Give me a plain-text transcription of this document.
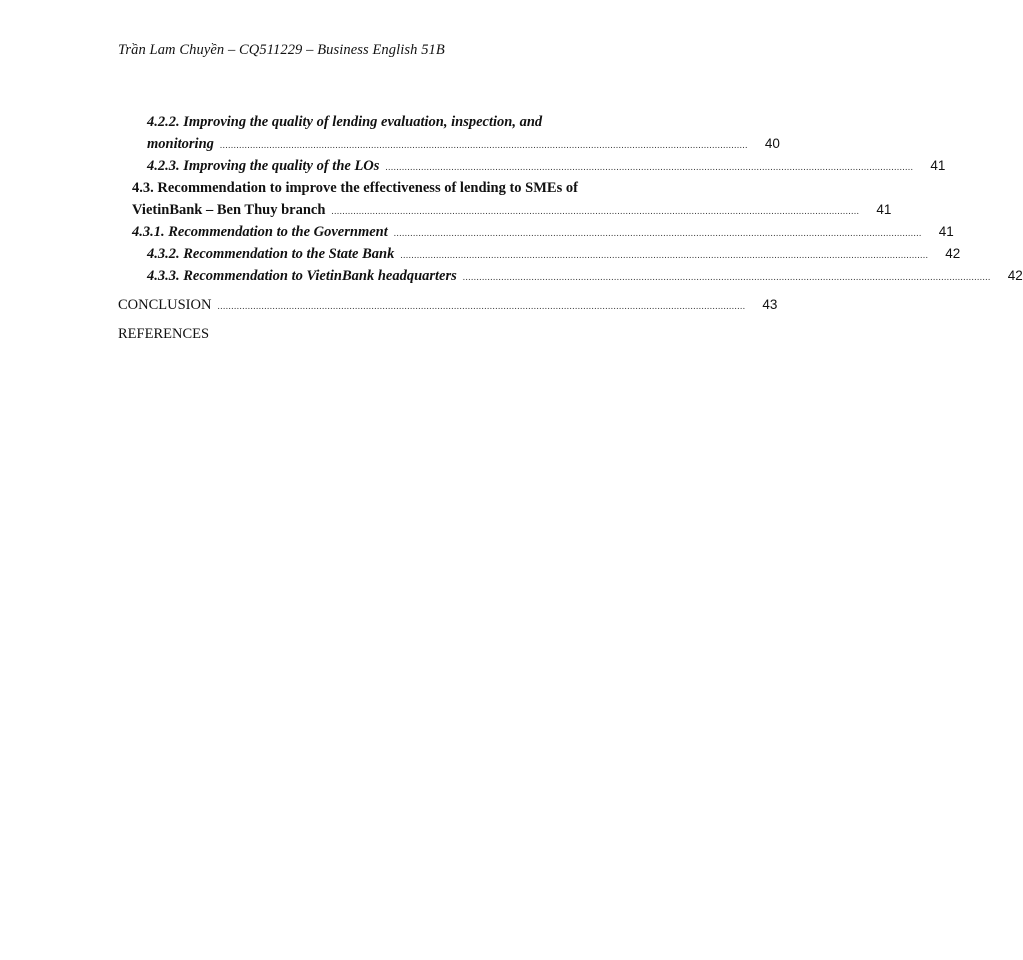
Trần Lam Chuyền – CQ511229 – Business English 51B
4.2.2. Improving the quality of lending evaluation, inspection, and
monitoring ................................................................................................................................................................................................	40
4.2.3. Improving the quality of the LOs ................................................................................................................................................................................................	41
4.3. Recommendation to improve the effectiveness of lending to SMEs of
VietinBank – Ben Thuy branch ................................................................................................................................................................................................	41
4.3.1. Recommendation to the Government ................................................................................................................................................................................................	41
4.3.2. Recommendation to the State Bank ................................................................................................................................................................................................	42
4.3.3. Recommendation to VietinBank headquarters ................................................................................................................................................................................................	42
CONCLUSION ................................................................................................................................................................................................	43
REFERENCES
